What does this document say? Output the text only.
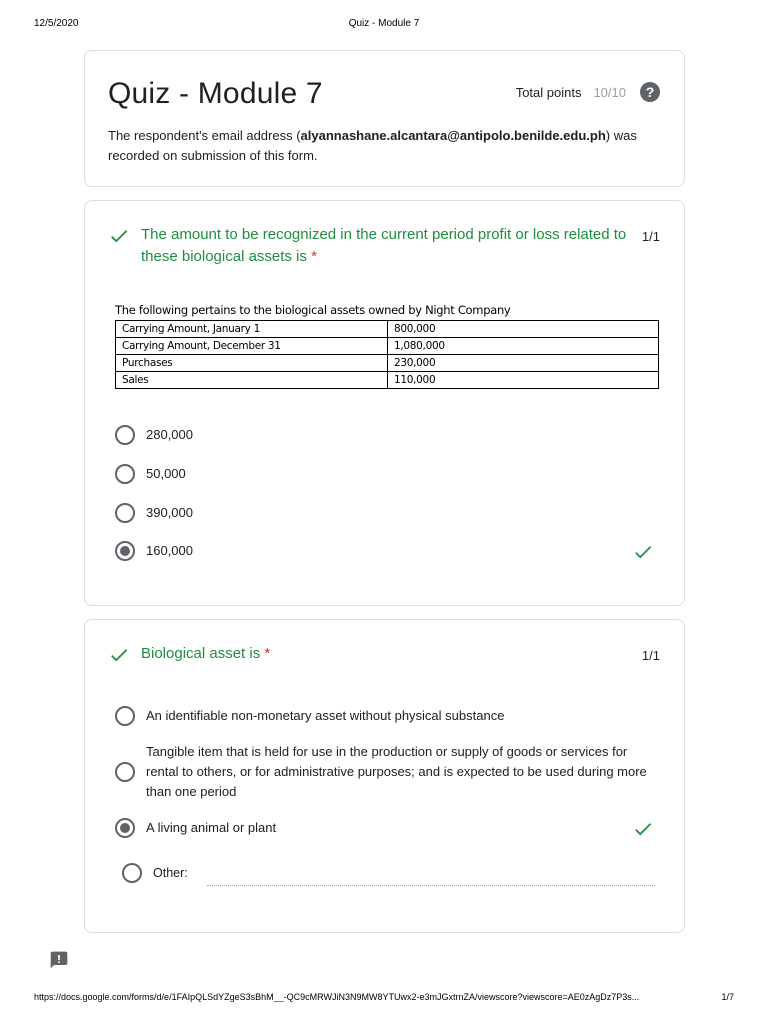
12/5/2020	Quiz - Module 7
Quiz - Module 7	Total points 10/10	?
The respondent's email address (alyannashane.alcantara@antipolo.benilde.edu.ph) was recorded on submission of this form.
The amount to be recognized in the current period profit or loss related to these biological assets is *
1/1
The following pertains to the biological assets owned by Night Company
Carrying Amount, January 1	800,000
Carrying Amount, December 31	1,080,000
Purchases	230,000
Sales	110,000
280,000
50,000
390,000
160,000
Biological asset is *	1/1
An identifiable non-monetary asset without physical substance
Tangible item that is held for use in the production or supply of goods or services for rental to others, or for administrative purposes; and is expected to be used during more than one period
A living animal or plant
Other:
https://docs.google.com/forms/d/e/1FAIpQLSdYZgeS3sBhM__-QC9cMRWJiN3N9MW8YTUwx2-e3mJGxtrnZA/viewscore?viewscore=AE0zAgDz7P3s...	1/7
